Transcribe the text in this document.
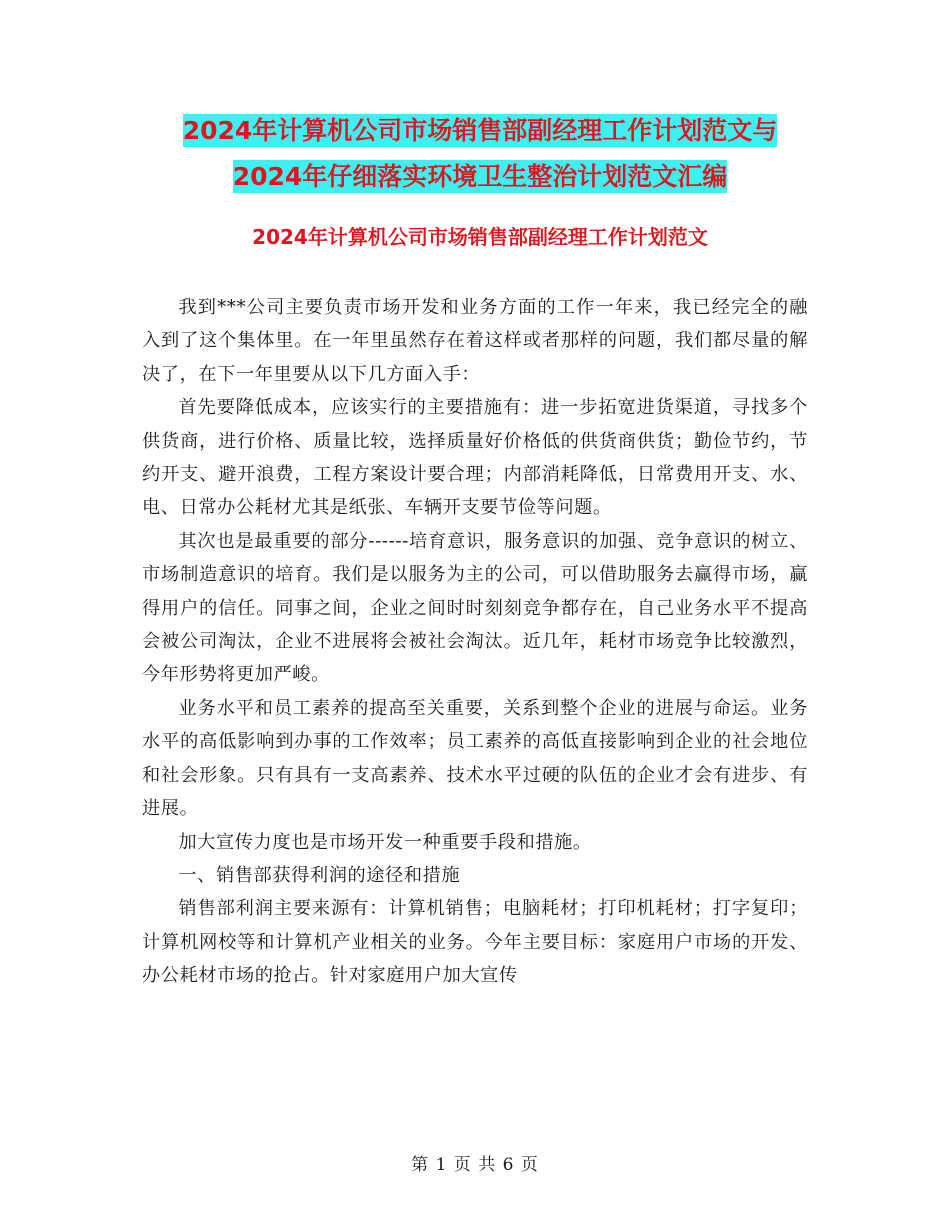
2024年计算机公司市场销售部副经理工作计划范文与
2024年仔细落实环境卫生整治计划范文汇编
2024年计算机公司市场销售部副经理工作计划范文

我到***公司主要负责市场开发和业务方面的工作一年来，我已经完全的融入到了这个集体里。在一年里虽然存在着这样或者那样的问题，我们都尽量的解决了，在下一年里要从以下几方面入手：

首先要降低成本，应该实行的主要措施有：进一步拓宽进货渠道，寻找多个供货商，进行价格、质量比较，选择质量好价格低的供货商供货；勤俭节约，节约开支、避开浪费，工程方案设计要合理；内部消耗降低，日常费用开支、水、电、日常办公耗材尤其是纸张、车辆开支要节俭等问题。

其次也是最重要的部分------培育意识，服务意识的加强、竞争意识的树立、市场制造意识的培育。我们是以服务为主的公司，可以借助服务去赢得市场，赢得用户的信任。同事之间，企业之间时时刻刻竞争都存在，自己业务水平不提高会被公司淘汰，企业不进展将会被社会淘汰。近几年，耗材市场竞争比较激烈，今年形势将更加严峻。

业务水平和员工素养的提高至关重要，关系到整个企业的进展与命运。业务水平的高低影响到办事的工作效率；员工素养的高低直接影响到企业的社会地位和社会形象。只有具有一支高素养、技术水平过硬的队伍的企业才会有进步、有进展。

加大宣传力度也是市场开发一种重要手段和措施。

一、销售部获得利润的途径和措施

销售部利润主要来源有：计算机销售；电脑耗材；打印机耗材；打字复印；计算机网校等和计算机产业相关的业务。今年主要目标：家庭用户市场的开发、办公耗材市场的抢占。针对家庭用户加大宣传

第 1 页 共 6 页
